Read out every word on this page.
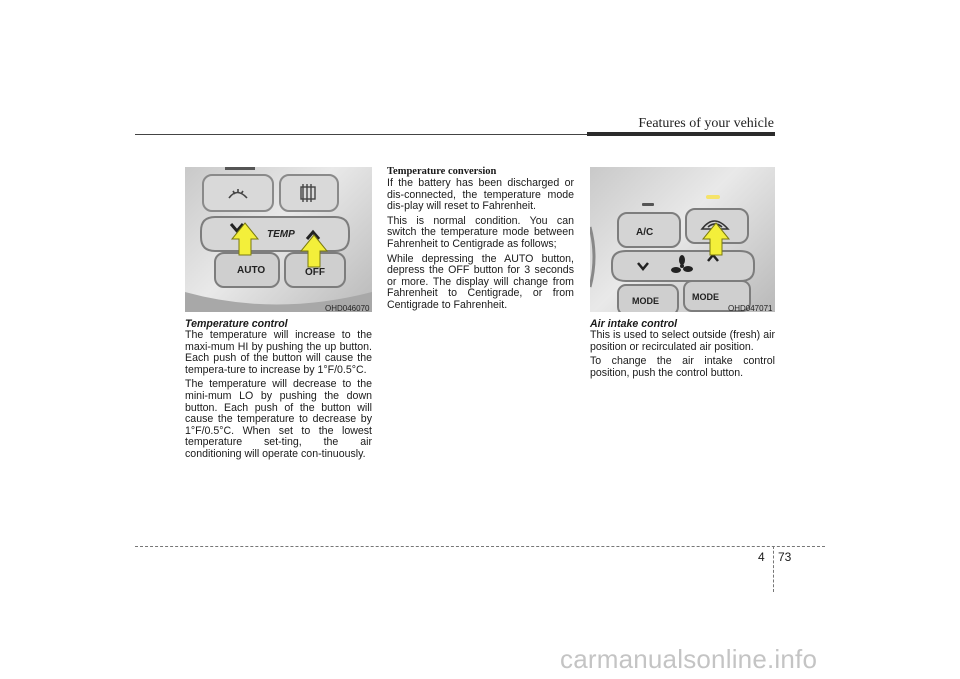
Features of your vehicle
TEMP
AUTO	OFF
OHD046070
A/C
MODE	MODE
OHD047071
Temperature control

The temperature will increase to the maxi-mum HI by pushing the up button. Each push of the button will cause the tempera-ture to increase by 1°F/0.5°C.

The temperature will decrease to the mini-mum LO by pushing the down button. Each push of the button will cause the temperature to decrease by 1°F/0.5°C. When set to the lowest temperature set-ting, the air conditioning will operate con-tinuously.

Temperature conversion

If the battery has been discharged or dis-connected, the temperature mode dis-play will reset to Fahrenheit.

This is normal condition. You can switch the temperature mode between Fahrenheit to Centigrade as follows;

While depressing the AUTO button, depress the OFF button for 3 seconds or more. The display will change from Fahrenheit to Centigrade, or from Centigrade to Fahrenheit.

Air intake control

This is used to select outside (fresh) air position or recirculated air position.

To change the air intake control position, push the control button.

4 73
carmanualsonline.info
